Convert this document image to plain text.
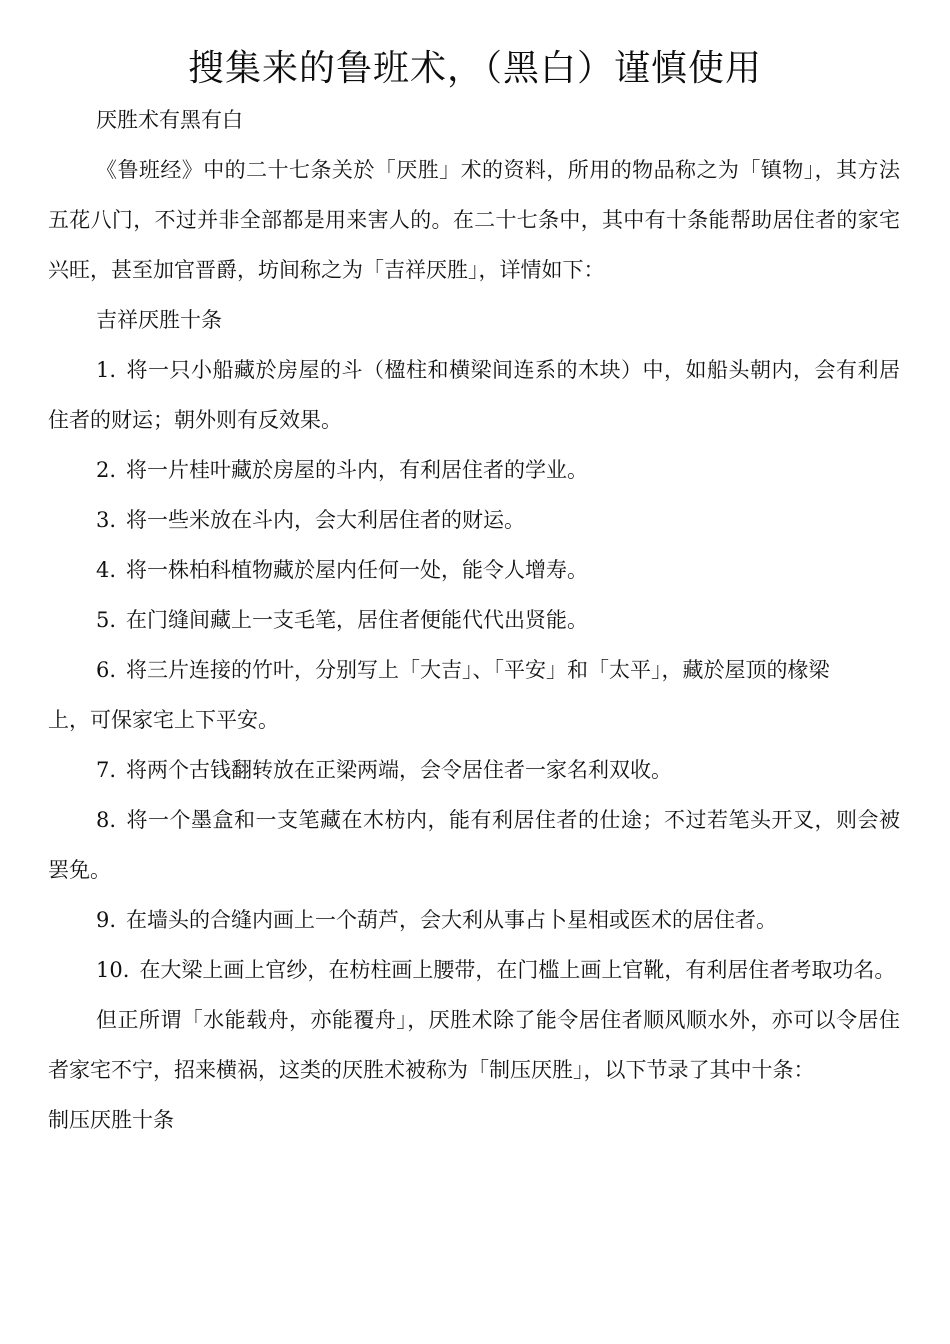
搜集来的鲁班术，（黑白）谨慎使用

厌胜术有黑有白

《鲁班经》中的二十七条关於「厌胜」术的资料，所用的物品称之为「镇物」，其方法五花八门，不过并非全部都是用来害人的。在二十七条中，其中有十条能帮助居住者的家宅兴旺，甚至加官晋爵，坊间称之为「吉祥厌胜」，详情如下：

吉祥厌胜十条

1. 将一只小船藏於房屋的斗（楹柱和横梁间连系的木块）中，如船头朝内，会有利居住者的财运；朝外则有反效果。

2. 将一片桂叶藏於房屋的斗内，有利居住者的学业。

3. 将一些米放在斗内，会大利居住者的财运。

4. 将一株柏科植物藏於屋内任何一处，能令人增寿。

5. 在门缝间藏上一支毛笔，居住者便能代代出贤能。

6. 将三片连接的竹叶，分别写上「大吉」、「平安」和「太平」，藏於屋顶的椽梁

上，可保家宅上下平安。

7. 将两个古钱翻转放在正梁两端，会令居住者一家名利双收。

8. 将一个墨盒和一支笔藏在木枋内，能有利居住者的仕途；不过若笔头开叉，则会被罢免。

9. 在墙头的合缝内画上一个葫芦，会大利从事占卜星相或医术的居住者。

10. 在大梁上画上官纱，在枋柱画上腰带，在门槛上画上官靴，有利居住者考取功名。

但正所谓「水能载舟，亦能覆舟」，厌胜术除了能令居住者顺风顺水外，亦可以令居住者家宅不宁，招来横祸，这类的厌胜术被称为「制压厌胜」，以下节录了其中十条：

制压厌胜十条
